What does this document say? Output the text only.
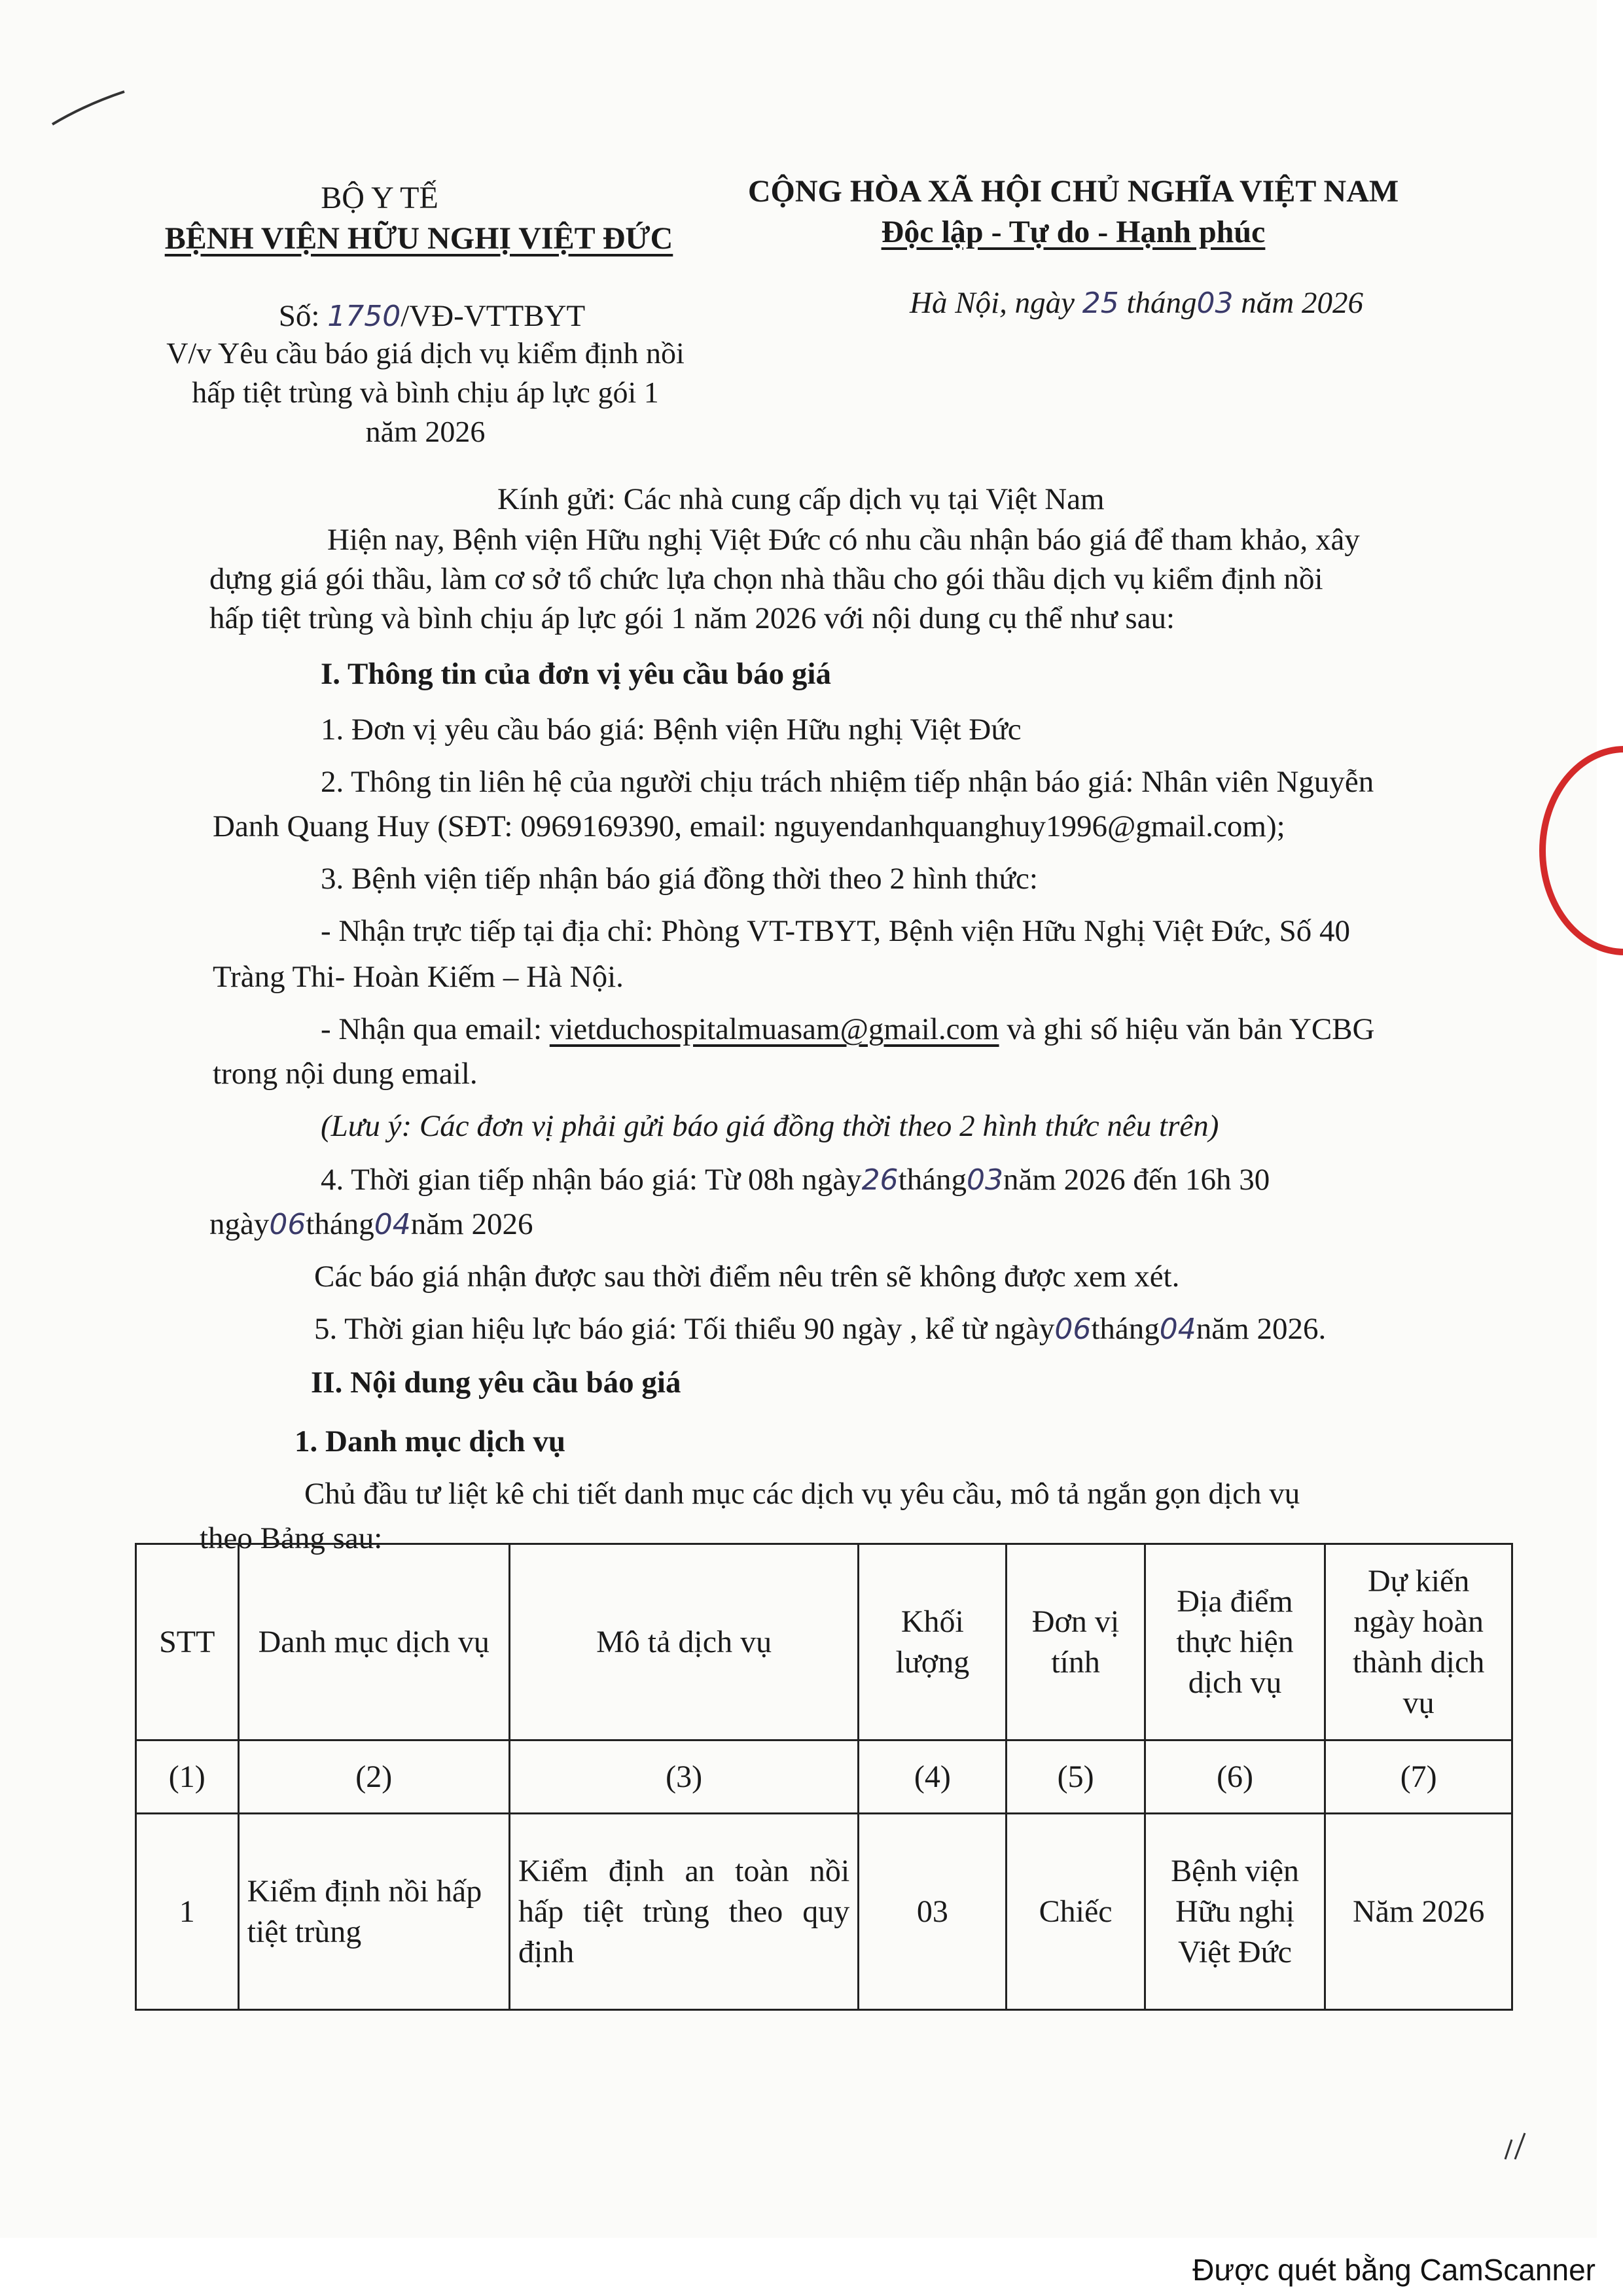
BỘ Y TẾ
BỆNH VIỆN HỮU NGHỊ VIỆT ĐỨC
CỘNG HÒA XÃ HỘI CHỦ NGHĨA VIỆT NAM
Độc lập - Tự do - Hạnh phúc
Số: 1750/VĐ-VTTBYT
V/v Yêu cầu báo giá dịch vụ kiểm định nồi
hấp tiệt trùng và bình chịu áp lực gói 1
năm 2026
Hà Nội, ngày 25 tháng03 năm 2026
Kính gửi: Các nhà cung cấp dịch vụ tại Việt Nam
Hiện nay, Bệnh viện Hữu nghị Việt Đức có nhu cầu nhận báo giá để tham khảo, xây
dựng giá gói thầu, làm cơ sở tổ chức lựa chọn nhà thầu cho gói thầu dịch vụ kiểm định nồi
hấp tiệt trùng và bình chịu áp lực gói 1 năm 2026 với nội dung cụ thể như sau:
I. Thông tin của đơn vị yêu cầu báo giá
1. Đơn vị yêu cầu báo giá: Bệnh viện Hữu nghị Việt Đức
2. Thông tin liên hệ của người chịu trách nhiệm tiếp nhận báo giá: Nhân viên Nguyễn
Danh Quang Huy (SĐT: 0969169390, email: nguyendanhquanghuy1996@gmail.com);
3. Bệnh viện tiếp nhận báo giá đồng thời theo 2 hình thức:
- Nhận trực tiếp tại địa chỉ: Phòng VT-TBYT, Bệnh viện Hữu Nghị Việt Đức, Số 40
Tràng Thi- Hoàn Kiếm – Hà Nội.
- Nhận qua email: vietduchospitalmuasam@gmail.com và ghi số hiệu văn bản YCBG
trong nội dung email.
(Lưu ý: Các đơn vị phải gửi báo giá đồng thời theo 2 hình thức nêu trên)
4. Thời gian tiếp nhận báo giá: Từ 08h ngày26tháng03năm 2026 đến 16h 30
ngày06tháng04năm 2026
Các báo giá nhận được sau thời điểm nêu trên sẽ không được xem xét.
5. Thời gian hiệu lực báo giá: Tối thiểu 90 ngày , kể từ ngày06tháng04năm 2026.
II. Nội dung yêu cầu báo giá
1. Danh mục dịch vụ
Chủ đầu tư liệt kê chi tiết danh mục các dịch vụ yêu cầu, mô tả ngắn gọn dịch vụ
theo Bảng sau:
STT	Danh mục dịch vụ	Mô tả dịch vụ	Khối lượng	Đơn vị tính	Địa điểm thực hiện dịch vụ	Dự kiến ngày hoàn thành dịch vụ
(1)	(2)	(3)	(4)	(5)	(6)	(7)
1	Kiểm định nồi hấp tiệt trùng	Kiểm định an toàn nồi hấp tiệt trùng theo quy định	03	Chiếc	Bệnh viện Hữu nghị Việt Đức	Năm 2026
Được quét bằng CamScanner
